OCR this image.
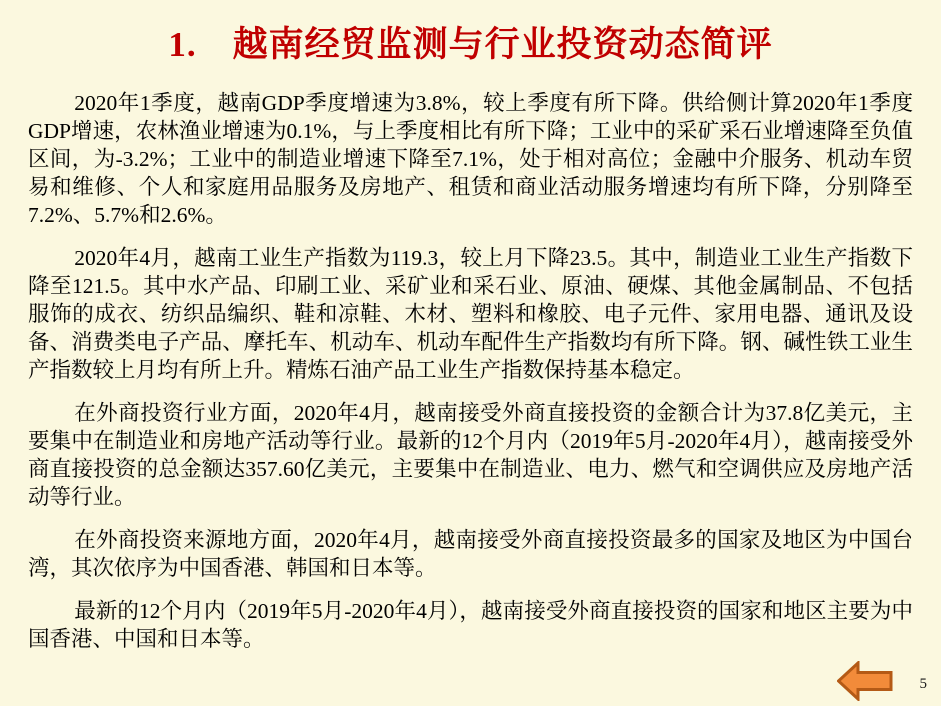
1.　越南经贸监测与行业投资动态简评

2020年1季度，越南GDP季度增速为3.8%，较上季度有所下降。供给侧计算2020年1季度GDP增速，农林渔业增速为0.1%，与上季度相比有所下降；工业中的采矿采石业增速降至负值区间，为-3.2%；工业中的制造业增速下降至7.1%，处于相对高位；金融中介服务、机动车贸易和维修、个人和家庭用品服务及房地产、租赁和商业活动服务增速均有所下降，分别降至7.2%、5.7%和2.6%。

2020年4月，越南工业生产指数为119.3，较上月下降23.5。其中，制造业工业生产指数下降至121.5。其中水产品、印刷工业、采矿业和采石业、原油、硬煤、其他金属制品、不包括服饰的成衣、纺织品编织、鞋和凉鞋、木材、塑料和橡胶、电子元件、家用电器、通讯及设备、消费类电子产品、摩托车、机动车、机动车配件生产指数均有所下降。钢、碱性铁工业生产指数较上月均有所上升。精炼石油产品工业生产指数保持基本稳定。

在外商投资行业方面，2020年4月，越南接受外商直接投资的金额合计为37.8亿美元，主要集中在制造业和房地产活动等行业。最新的12个月内（2019年5月-2020年4月），越南接受外商直接投资的总金额达357.60亿美元，主要集中在制造业、电力、燃气和空调供应及房地产活动等行业。

在外商投资来源地方面，2020年4月，越南接受外商直接投资最多的国家及地区为中国台湾，其次依序为中国香港、韩国和日本等。

最新的12个月内（2019年5月-2020年4月），越南接受外商直接投资的国家和地区主要为中国香港、中国和日本等。

5
